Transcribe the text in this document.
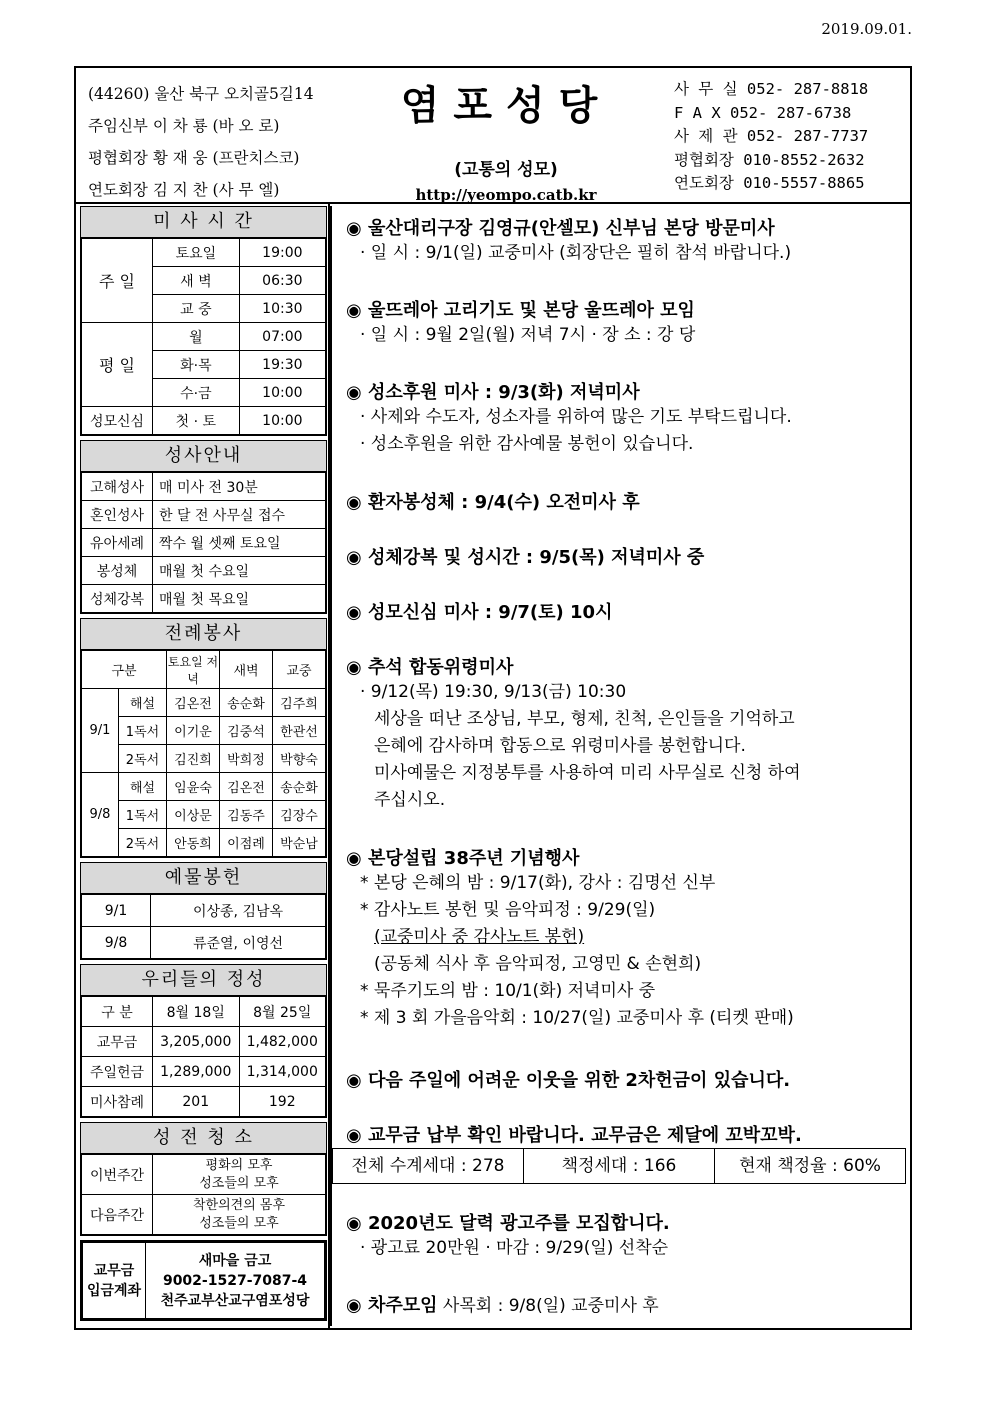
2019.09.01.
(44260) 울산 북구 오치골5길14
주임신부 이 차 룡 (바 오 로)
평협회장 황 재 웅 (프란치스코)
연도회장 김 지 찬 (사 무 엘)
염포성당
(고통의 성모)
http://yeompo.catb.kr
사 무 실 052- 287-8818
F A X 052- 287-6738
사 제 관 052- 287-7737
평협회장 010-8552-2632
연도회장 010-5557-8865
미 사 시 간
주 일	토요일	19:00
	새 벽	06:30
	교 중	10:30
평 일	월	07:00
	화·목	19:30
	수·금	10:00
성모신심	첫 · 토	10:00
성사안내
고해성사	매 미사 전 30분
혼인성사	한 달 전 사무실 접수
유아세례	짝수 월 셋째 토요일
봉성체	매월 첫 수요일
성체강복	매월 첫 목요일
전례봉사
구분		토요일 저녁	새벽	교중
9/1	해설	김온전	송순화	김주희
	1독서	이기운	김중석	한관선
	2독서	김진희	박희정	박향숙
9/8	해설	임윤숙	김온전	송순화
	1독서	이상문	김동주	김장수
	2독서	안동희	이점례	박순남
예물봉헌
9/1	이상종, 김남옥
9/8	류준열, 이영선
우리들의 정성
구 분	8월 18일	8월 25일
교무금	3,205,000	1,482,000
주일헌금	1,289,000	1,314,000
미사참례	201	192
성 전 청 소
이번주간	평화의 모후
성조들의 모후

다음주간	착한의견의 몸후
성조들의 모후
교무금
입금계좌

새마을 금고
9002-1527-7087-4
천주교부산교구염포성당
◉ 울산대리구장 김영규(안셀모) 신부님 본당 방문미사
· 일 시 : 9/1(일) 교중미사 (회장단은 필히 참석 바랍니다.)
◉ 울뜨레아 고리기도 및 본당 울뜨레아 모임
· 일 시 : 9월 2일(월) 저녁 7시 · 장 소 : 강 당
◉ 성소후원 미사 : 9/3(화) 저녁미사
· 사제와 수도자, 성소자를 위하여 많은 기도 부탁드립니다.
· 성소후원을 위한 감사예물 봉헌이 있습니다.
◉ 환자봉성체 : 9/4(수) 오전미사 후
◉ 성체강복 및 성시간 : 9/5(목) 저녁미사 중
◉ 성모신심 미사 : 9/7(토) 10시
◉ 추석 합동위령미사
· 9/12(목) 19:30, 9/13(금) 10:30
세상을 떠난 조상님, 부모, 형제, 친척, 은인들을 기억하고
은혜에 감사하며 합동으로 위령미사를 봉헌합니다.
미사예물은 지정봉투를 사용하여 미리 사무실로 신청 하여
주십시오.
◉ 본당설립 38주년 기념행사
* 본당 은혜의 밤 : 9/17(화), 강사 : 김명선 신부
* 감사노트 봉헌 및 음악피정 : 9/29(일)
(교중미사 중 감사노트 봉헌)
(공동체 식사 후 음악피정, 고영민 & 손현희)
* 묵주기도의 밤 : 10/1(화) 저녁미사 중
* 제 3 회 가을음악회 : 10/27(일) 교중미사 후 (티켓 판매)
◉ 다음 주일에 어려운 이웃을 위한 2차헌금이 있습니다.
◉ 교무금 납부 확인 바랍니다. 교무금은 제달에 꼬박꼬박.
전체 수계세대 : 278	책정세대 : 166	현재 책정율 : 60%
◉ 2020년도 달력 광고주를 모집합니다.
· 광고료 20만원 · 마감 : 9/29(일) 선착순
◉ 차주모임 사목회 : 9/8(일) 교중미사 후
